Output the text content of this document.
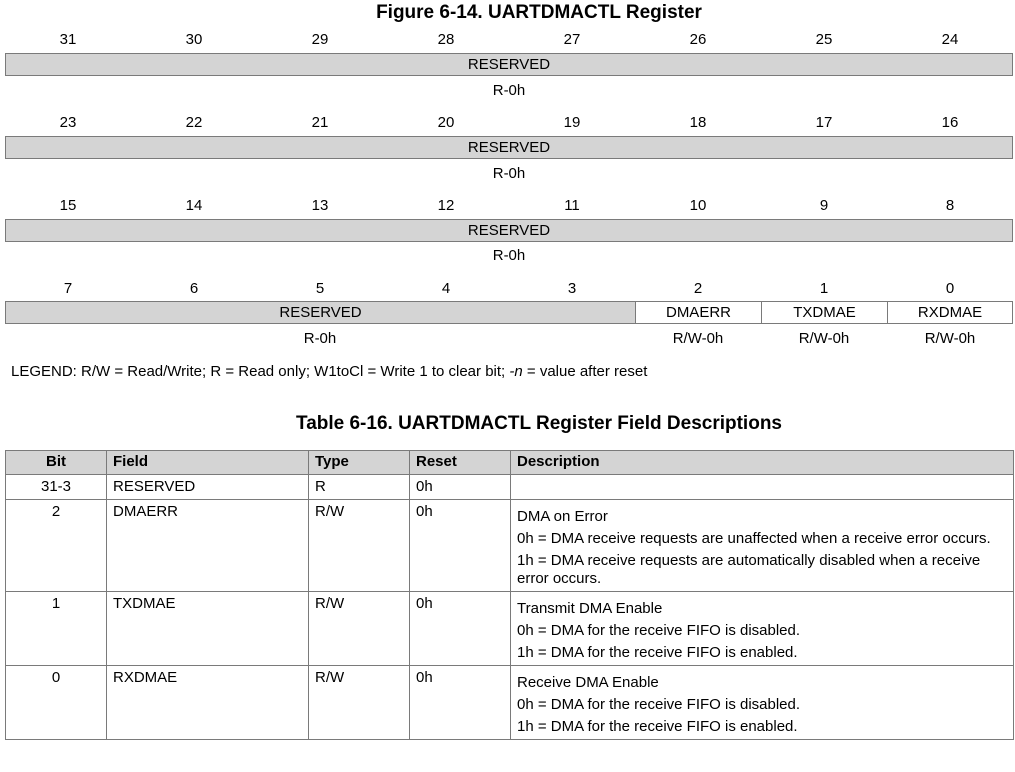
Figure 6-14. UARTDMACTL Register
31	30	29	28	27	26	25	24
RESERVED
R-0h
23	22	21	20	19	18	17	16
RESERVED
R-0h
15	14	13	12	11	10	9	8
RESERVED
R-0h
7	6	5	4	3	2	1	0
RESERVED	DMAERR	TXDMAE	RXDMAE
R-0h	R/W-0h	R/W-0h	R/W-0h
LEGEND: R/W = Read/Write; R = Read only; W1toCl = Write 1 to clear bit; -n = value after reset
Table 6-16. UARTDMACTL Register Field Descriptions
Bit	Field	Type	Reset	Description
31-3	RESERVED	R	0h	
2	DMAERR	R/W	0h	DMA on Error

0h = DMA receive requests are unaffected when a receive error occurs.

1h = DMA receive requests are automatically disabled when a receive error occurs.

1	TXDMAE	R/W	0h	Transmit DMA Enable

0h = DMA for the receive FIFO is disabled.

1h = DMA for the receive FIFO is enabled.

0	RXDMAE	R/W	0h	Receive DMA Enable

0h = DMA for the receive FIFO is disabled.

1h = DMA for the receive FIFO is enabled.
